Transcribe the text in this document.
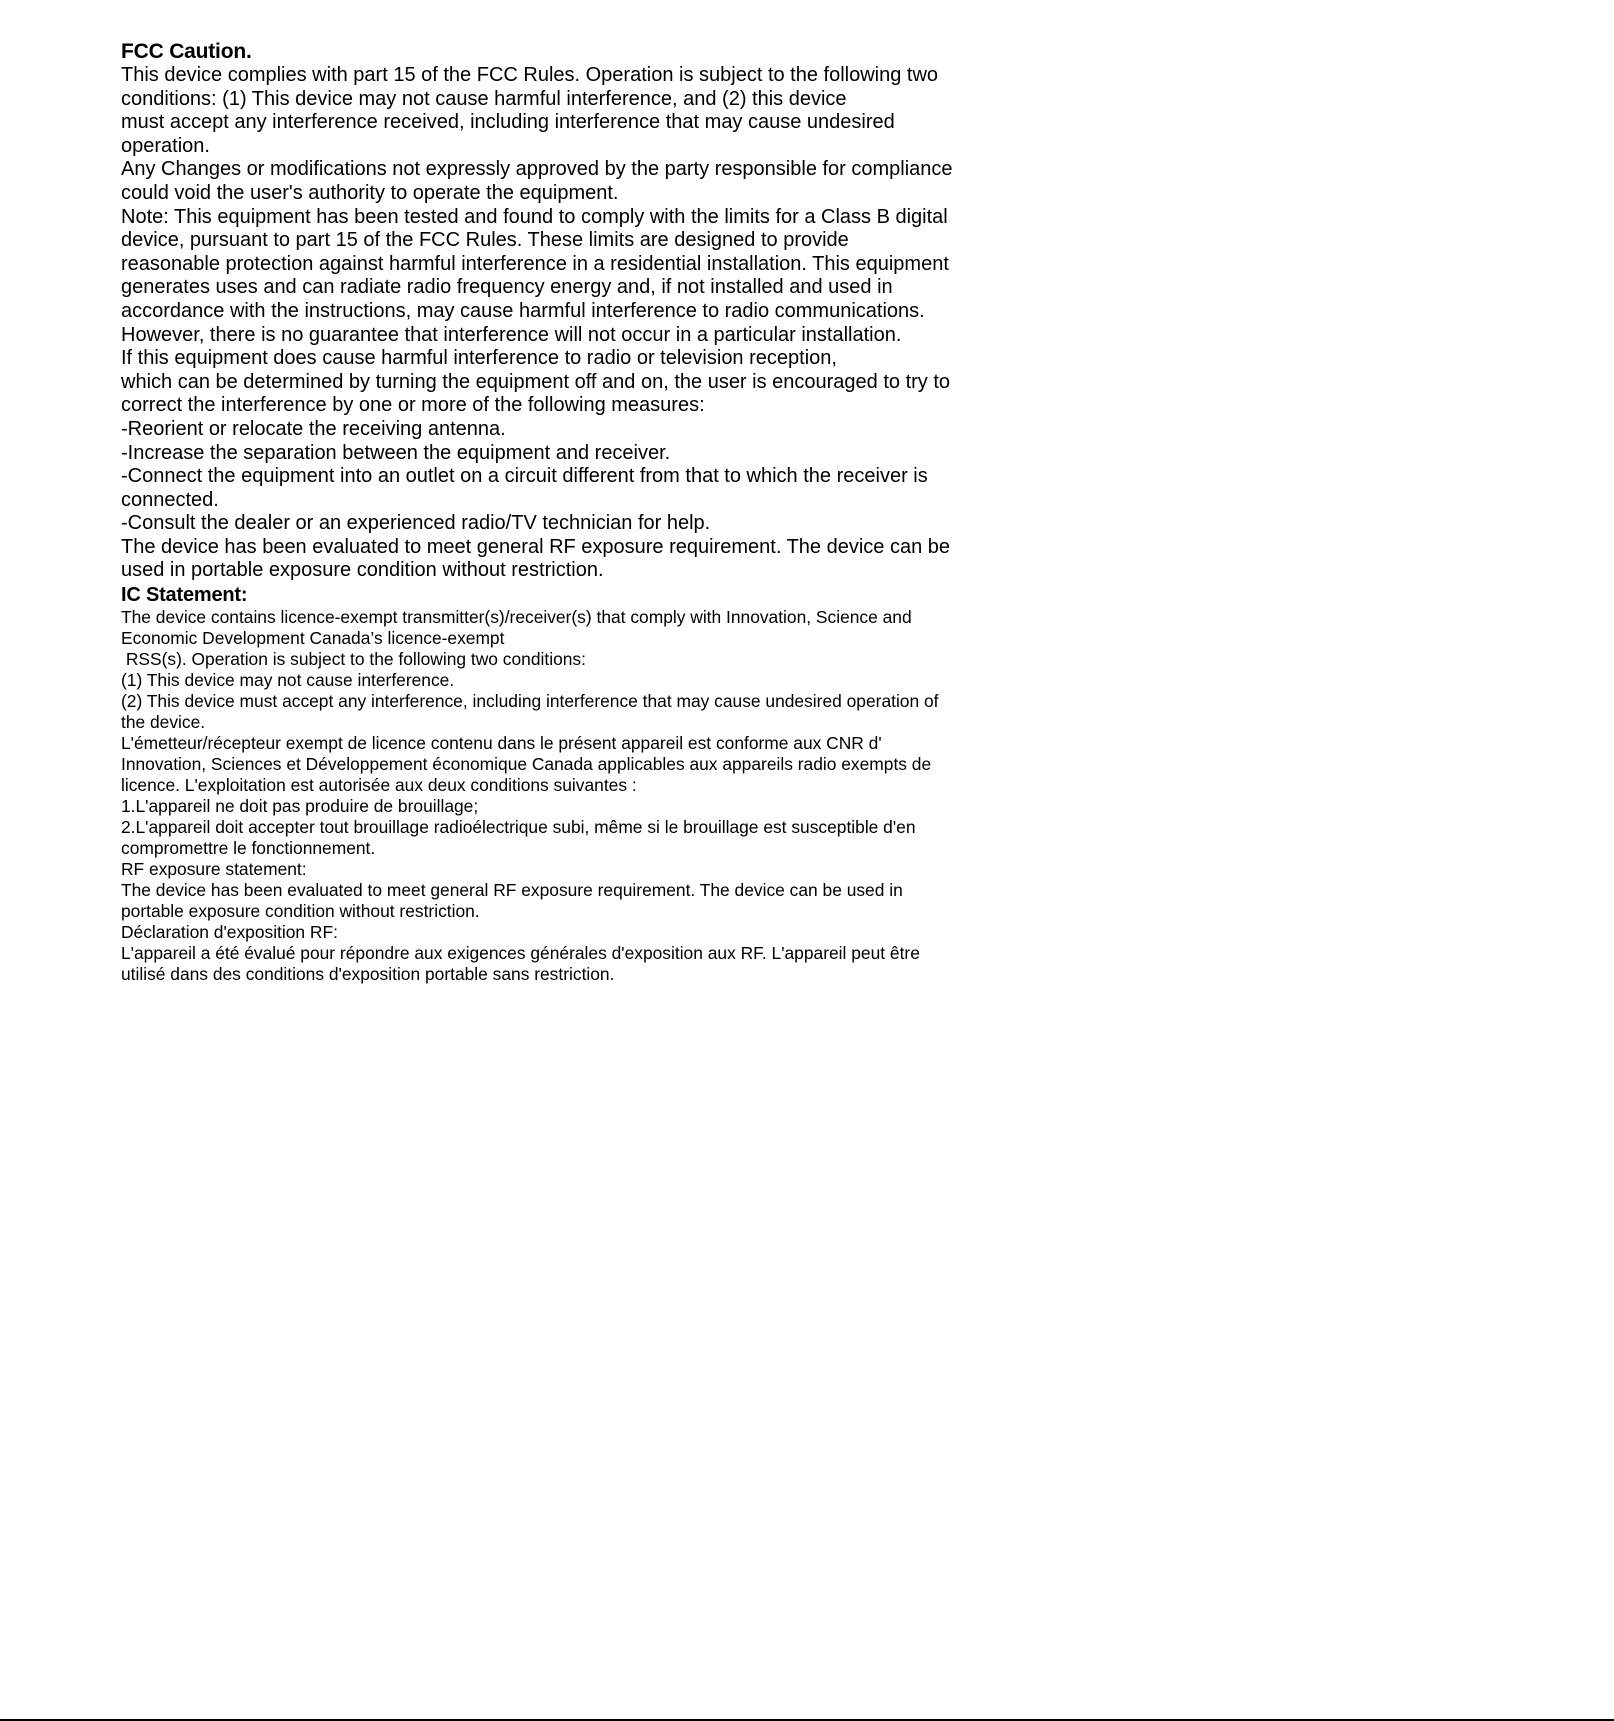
FCC Caution.
This device complies with part 15 of the FCC Rules. Operation is subject to the following two
conditions: (1) This device may not cause harmful interference, and (2) this device
must accept any interference received, including interference that may cause undesired
operation.
Any Changes or modifications not expressly approved by the party responsible for compliance
could void the user's authority to operate the equipment.
Note: This equipment has been tested and found to comply with the limits for a Class B digital
device, pursuant to part 15 of the FCC Rules. These limits are designed to provide
reasonable protection against harmful interference in a residential installation. This equipment
generates uses and can radiate radio frequency energy and, if not installed and used in
accordance with the instructions, may cause harmful interference to radio communications.
However, there is no guarantee that interference will not occur in a particular installation.
If this equipment does cause harmful interference to radio or television reception,
which can be determined by turning the equipment off and on, the user is encouraged to try to
correct the interference by one or more of the following measures:
-Reorient or relocate the receiving antenna.
-Increase the separation between the equipment and receiver.
-Connect the equipment into an outlet on a circuit different from that to which the receiver is
connected.
-Consult the dealer or an experienced radio/TV technician for help.
The device has been evaluated to meet general RF exposure requirement. The device can be
used in portable exposure condition without restriction.
IC Statement:
The device contains licence-exempt transmitter(s)/receiver(s) that comply with Innovation, Science and
Economic Development Canada’s licence-exempt
RSS(s). Operation is subject to the following two conditions:
(1) This device may not cause interference.
(2) This device must accept any interference, including interference that may cause undesired operation of
the device.
L'émetteur/récepteur exempt de licence contenu dans le présent appareil est conforme aux CNR d'
Innovation, Sciences et Développement économique Canada applicables aux appareils radio exempts de
licence. L'exploitation est autorisée aux deux conditions suivantes :
1.L'appareil ne doit pas produire de brouillage;
2.L'appareil doit accepter tout brouillage radioélectrique subi, même si le brouillage est susceptible d'en
compromettre le fonctionnement.
RF exposure statement:
The device has been evaluated to meet general RF exposure requirement. The device can be used in
portable exposure condition without restriction.
Déclaration d'exposition RF:
L'appareil a été évalué pour répondre aux exigences générales d'exposition aux RF. L'appareil peut être
utilisé dans des conditions d'exposition portable sans restriction.
